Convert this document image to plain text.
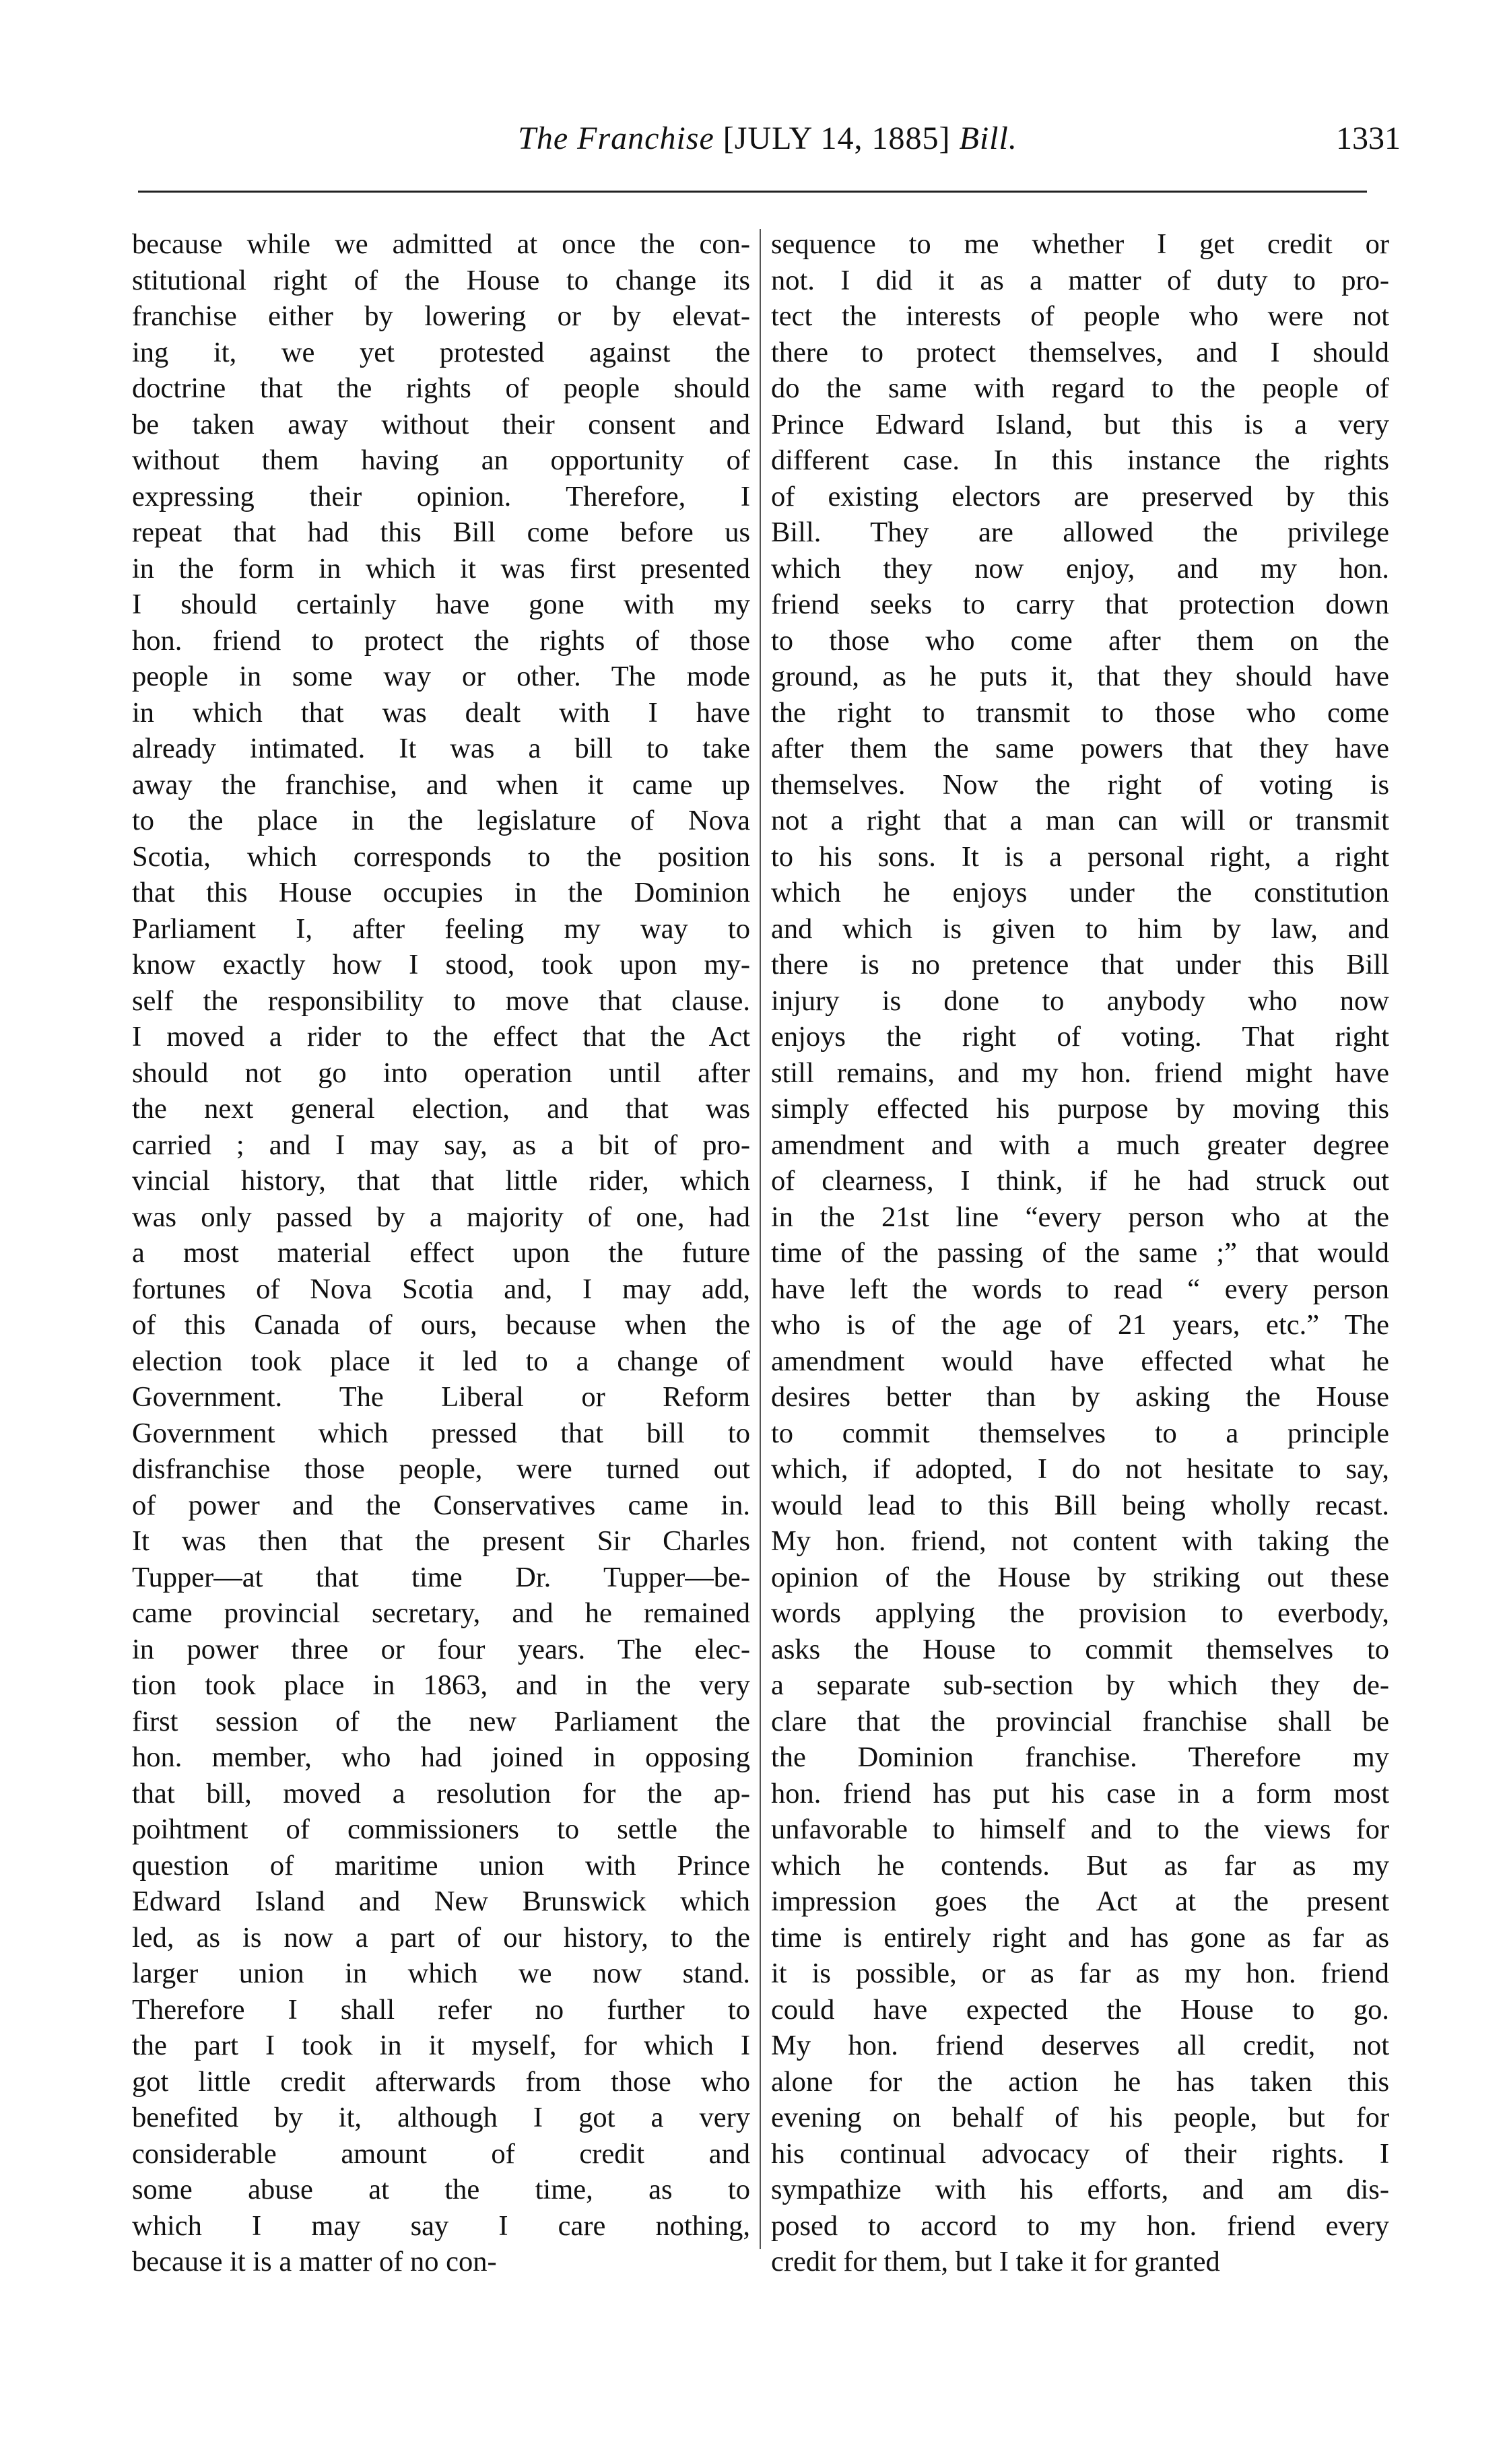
The Franchise [JULY 14, 1885] Bill.	1331
because while we admitted at once the con-
stitutional right of the House to change its
franchise either by lowering or by elevat-
ing it, we yet protested against the
doctrine that the rights of people should
be taken away without their consent and
without them having an opportunity of
expressing their opinion. Therefore, I
repeat that had this Bill come before us
in the form in which it was first presented
I should certainly have gone with my
hon. friend to protect the rights of those
people in some way or other. The mode
in which that was dealt with I have
already intimated. It was a bill to take
away the franchise, and when it came up
to the place in the legislature of Nova
Scotia, which corresponds to the position
that this House occupies in the Dominion
Parliament I, after feeling my way to
know exactly how I stood, took upon my-
self the responsibility to move that clause.
I moved a rider to the effect that the Act
should not go into operation until after
the next general election, and that was
carried ; and I may say, as a bit of pro-
vincial history, that that little rider, which
was only passed by a majority of one, had
a most material effect upon the future
fortunes of Nova Scotia and, I may add,
of this Canada of ours, because when the
election took place it led to a change of
Government. The Liberal or Reform
Government which pressed that bill to
disfranchise those people, were turned out
of power and the Conservatives came in.
It was then that the present Sir Charles
Tupper—at that time Dr. Tupper—be-
came provincial secretary, and he remained
in power three or four years. The elec-
tion took place in 1863, and in the very
first session of the new Parliament the
hon. member, who had joined in opposing
that bill, moved a resolution for the ap-
poihtment of commissioners to settle the
question of maritime union with Prince
Edward Island and New Brunswick which
led, as is now a part of our history, to the
larger union in which we now stand.
Therefore I shall refer no further to
the part I took in it myself, for which I
got little credit afterwards from those who
benefited by it, although I got a very
considerable amount of credit and
some abuse at the time, as to
which I may say I care nothing,
because it is a matter of no con-
sequence to me whether I get credit or
not. I did it as a matter of duty to pro-
tect the interests of people who were not
there to protect themselves, and I should
do the same with regard to the people of
Prince Edward Island, but this is a very
different case. In this instance the rights
of existing electors are preserved by this
Bill. They are allowed the privilege
which they now enjoy, and my hon.
friend seeks to carry that protection down
to those who come after them on the
ground, as he puts it, that they should have
the right to transmit to those who come
after them the same powers that they have
themselves. Now the right of voting is
not a right that a man can will or transmit
to his sons. It is a personal right, a right
which he enjoys under the constitution
and which is given to him by law, and
there is no pretence that under this Bill
injury is done to anybody who now
enjoys the right of voting. That right
still remains, and my hon. friend might have
simply effected his purpose by moving this
amendment and with a much greater degree
of clearness, I think, if he had struck out
in the 21st line “every person who at the
time of the passing of the same ;” that would
have left the words to read “ every person
who is of the age of 21 years, etc.” The
amendment would have effected what he
desires better than by asking the House
to commit themselves to a principle
which, if adopted, I do not hesitate to say,
would lead to this Bill being wholly recast.
My hon. friend, not content with taking the
opinion of the House by striking out these
words applying the provision to everbody,
asks the House to commit themselves to
a separate sub-section by which they de-
clare that the provincial franchise shall be
the Dominion franchise. Therefore my
hon. friend has put his case in a form most
unfavorable to himself and to the views for
which he contends. But as far as my
impression goes the Act at the present
time is entirely right and has gone as far as
it is possible, or as far as my hon. friend
could have expected the House to go.
My hon. friend deserves all credit, not
alone for the action he has taken this
evening on behalf of his people, but for
his continual advocacy of their rights. I
sympathize with his efforts, and am dis-
posed to accord to my hon. friend every
credit for them, but I take it for granted
